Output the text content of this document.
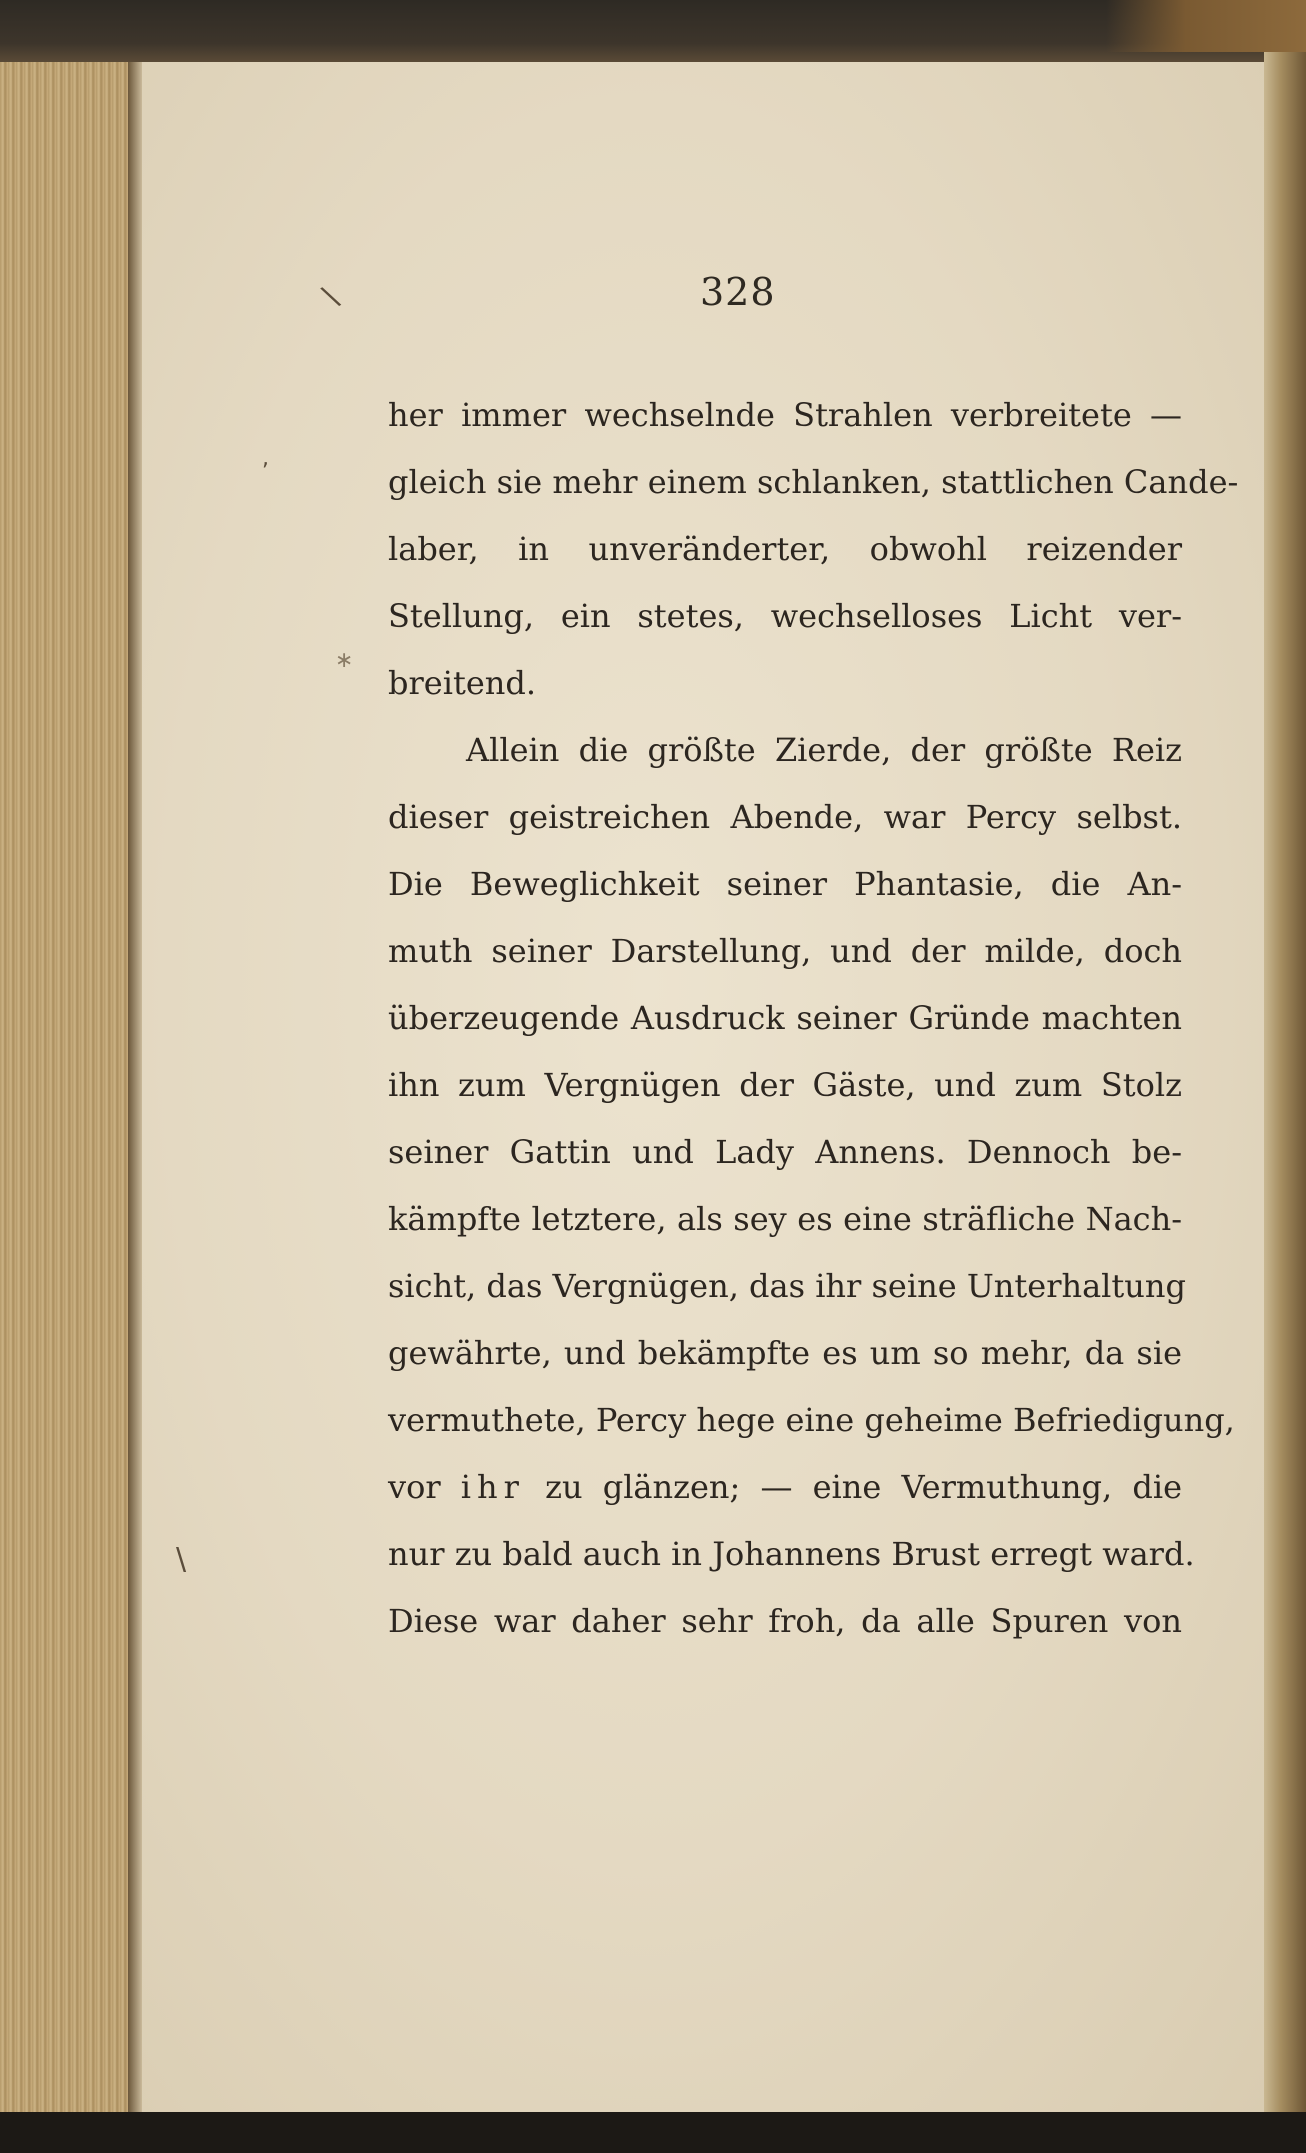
\
,
∗
\
328

her immer wechselnde Strahlen verbreitete —

gleich sie mehr einem schlanken, stattlichen Cande-

laber, in unveränderter, obwohl reizender

Stellung, ein stetes, wechselloses Licht ver-

breitend.

Allein die größte Zierde, der größte Reiz

dieser geistreichen Abende, war Percy selbst.

Die Beweglichkeit seiner Phantasie, die An-

muth seiner Darstellung, und der milde, doch

überzeugende Ausdruck seiner Gründe machten

ihn zum Vergnügen der Gäste, und zum Stolz

seiner Gattin und Lady Annens. Dennoch be-

kämpfte letztere, als sey es eine sträfliche Nach-

sicht, das Vergnügen, das ihr seine Unterhaltung

gewährte, und bekämpfte es um so mehr, da sie

vermuthete, Percy hege eine geheime Befriedigung,

vor ihr zu glänzen; — eine Vermuthung, die

nur zu bald auch in Johannens Brust erregt ward.

Diese war daher sehr froh, da alle Spuren von
